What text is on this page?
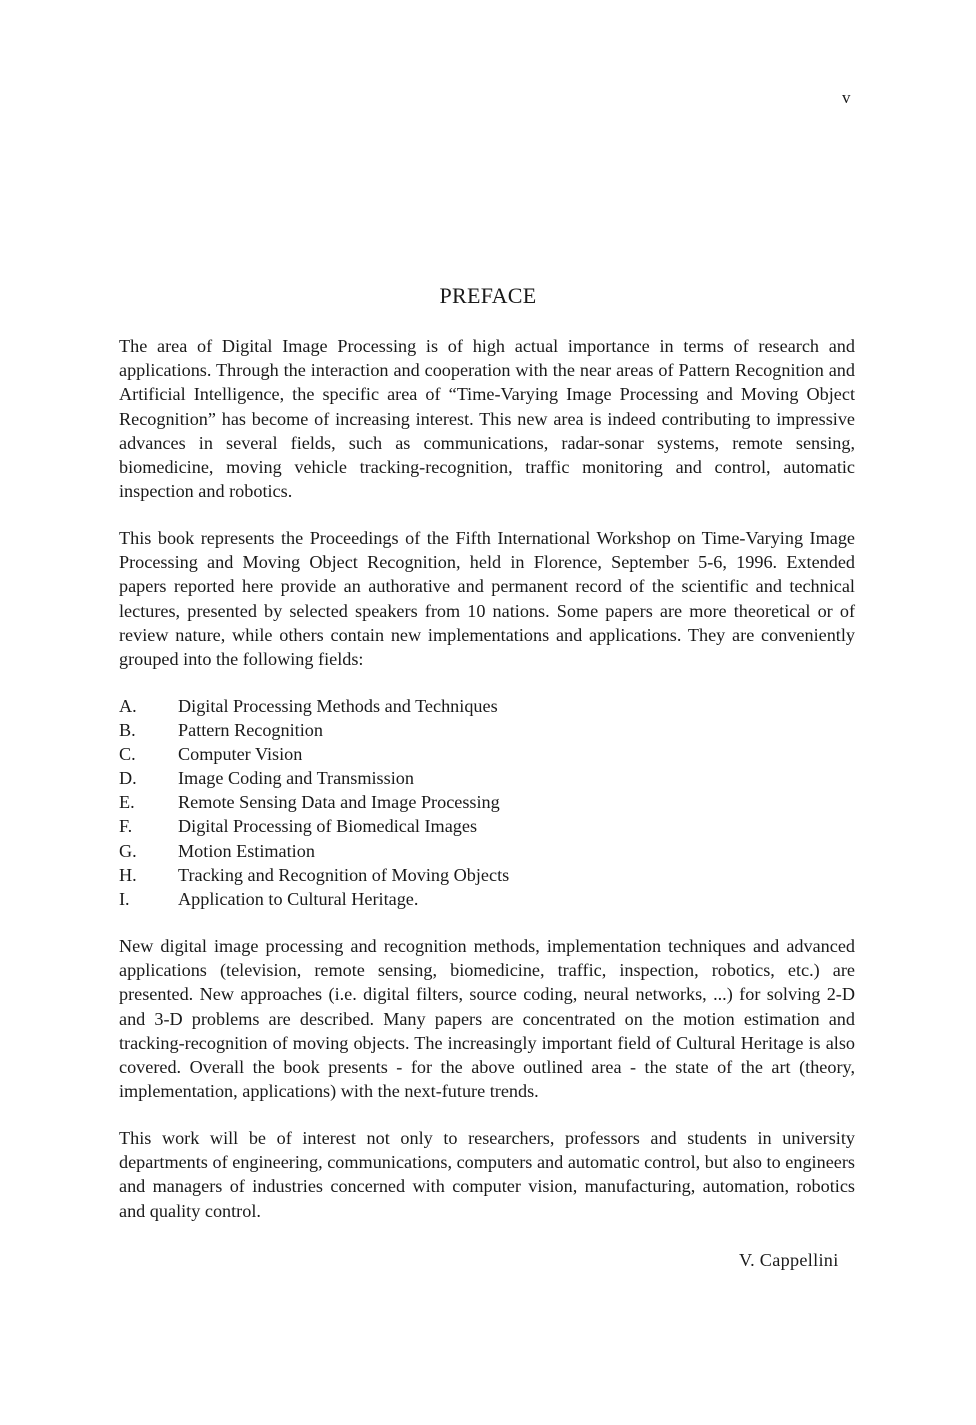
v
PREFACE

The area of Digital Image Processing is of high actual importance in terms of research and applications. Through the interaction and cooperation with the near areas of Pattern Recognition and Artificial Intelligence, the specific area of “Time-Varying Image Processing and Moving Object Recognition” has become of increasing interest. This new area is indeed contributing to impressive advances in several fields, such as communications, radar-sonar systems, remote sensing, biomedicine, moving vehicle tracking-recognition, traffic monitoring and control, automatic inspection and robotics.

This book represents the Proceedings of the Fifth International Workshop on Time-Varying Image Processing and Moving Object Recognition, held in Florence, September 5-6, 1996. Extended papers reported here provide an authorative and permanent record of the scientific and technical lectures, presented by selected speakers from 10 nations. Some papers are more theoretical or of review nature, while others contain new implementations and applications. They are conveniently grouped into the following fields:

A.	Digital Processing Methods and Techniques
B.	Pattern Recognition
C.	Computer Vision
D.	Image Coding and Transmission
E.	Remote Sensing Data and Image Processing
F.	Digital Processing of Biomedical Images
G.	Motion Estimation
H.	Tracking and Recognition of Moving Objects
I.	Application to Cultural Heritage.

New digital image processing and recognition methods, implementation techniques and advanced applications (television, remote sensing, biomedicine, traffic, inspection, robotics, etc.) are presented. New approaches (i.e. digital filters, source coding, neural networks, ...) for solving 2-D and 3-D problems are described. Many papers are concentrated on the motion estimation and tracking-recognition of moving objects. The increasingly important field of Cultural Heritage is also covered. Overall the book presents - for the above outlined area - the state of the art (theory, implementation, applications) with the next-future trends.

This work will be of interest not only to researchers, professors and students in university departments of engineering, communications, computers and automatic control, but also to engineers and managers of industries concerned with computer vision, manufacturing, automation, robotics and quality control.

V. Cappellini
